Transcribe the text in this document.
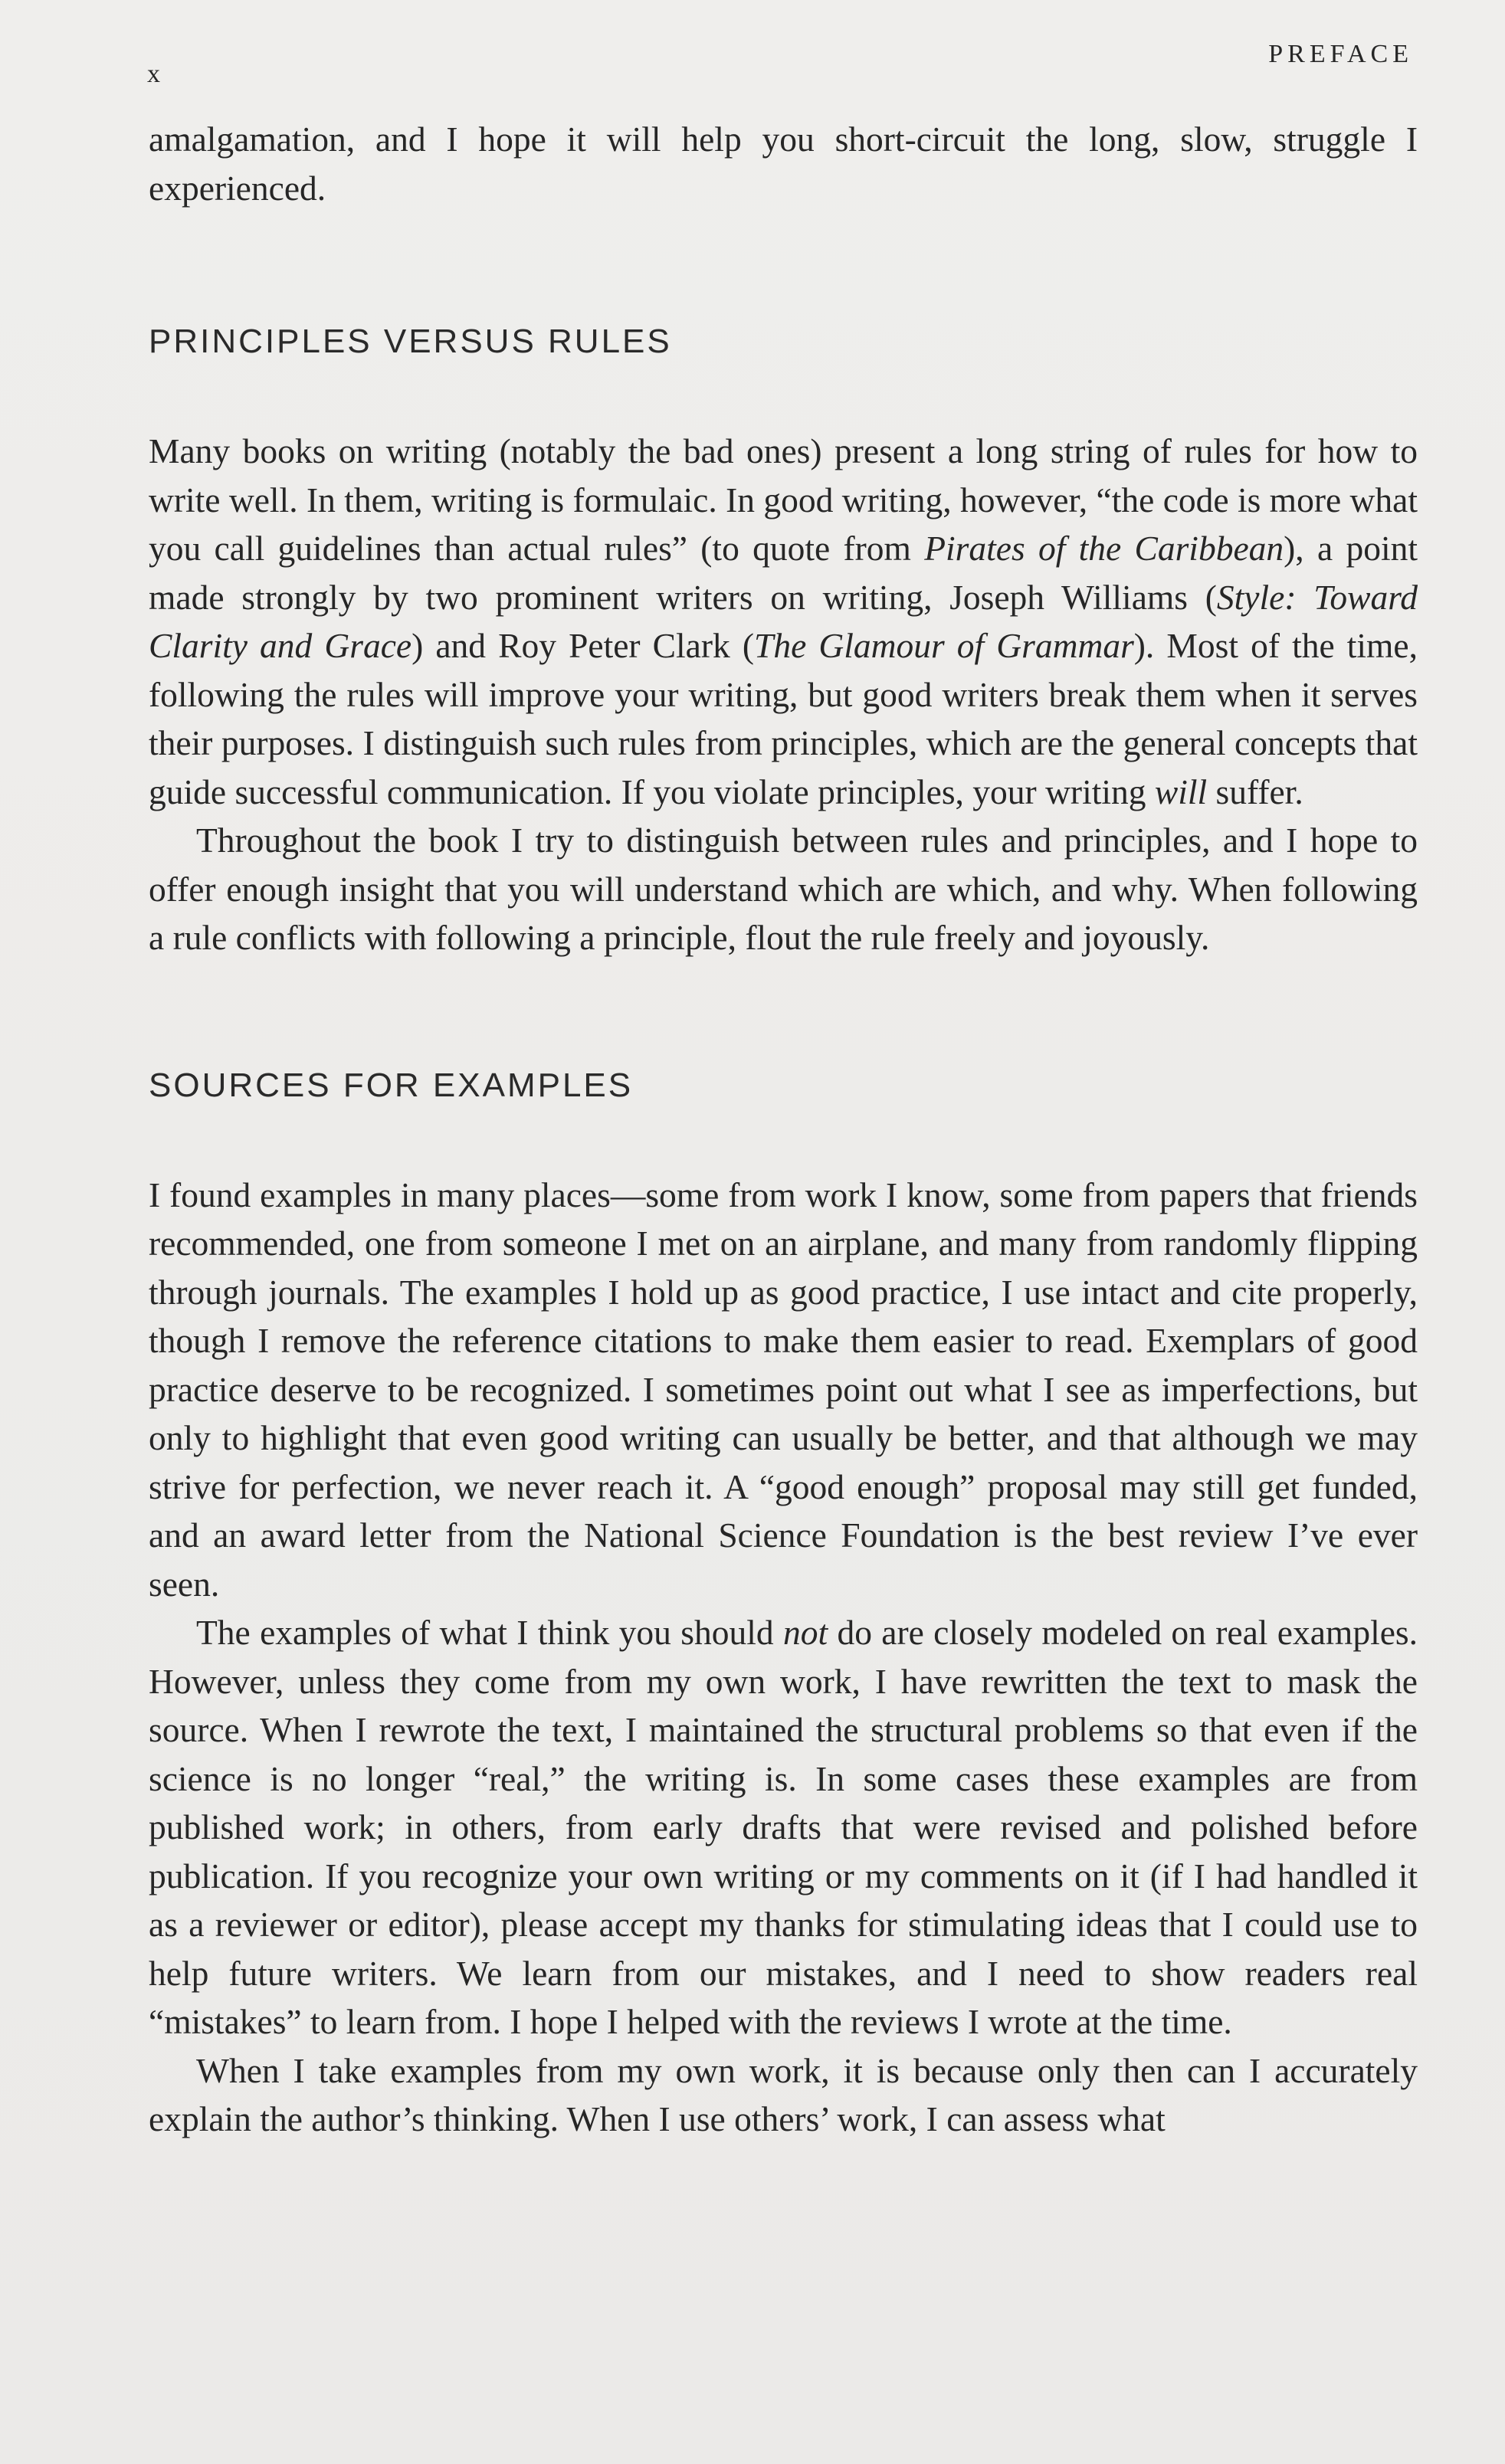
x
PREFACE

amalgamation, and I hope it will help you short-circuit the long, slow, struggle I experienced.

PRINCIPLES VERSUS RULES

Many books on writing (notably the bad ones) present a long string of rules for how to write well. In them, writing is formulaic. In good writing, however, “the code is more what you call guidelines than actual rules” (to quote from Pirates of the Caribbean), a point made strongly by two prominent writers on writing, Joseph Williams (Style: Toward Clarity and Grace) and Roy Peter Clark (The Glamour of Grammar). Most of the time, following the rules will improve your writing, but good writers break them when it serves their purposes. I distinguish such rules from principles, which are the general concepts that guide successful communication. If you violate principles, your writing will suffer.

Throughout the book I try to distinguish between rules and principles, and I hope to offer enough insight that you will understand which are which, and why. When following a rule conflicts with following a principle, flout the rule freely and joyously.

SOURCES FOR EXAMPLES

I found examples in many places—some from work I know, some from papers that friends recommended, one from someone I met on an airplane, and many from randomly flipping through journals. The examples I hold up as good practice, I use intact and cite properly, though I remove the reference citations to make them easier to read. Exemplars of good practice deserve to be recognized. I sometimes point out what I see as imperfections, but only to highlight that even good writing can usually be better, and that although we may strive for perfection, we never reach it. A “good enough” proposal may still get funded, and an award letter from the National Science Foundation is the best review I’ve ever seen.

The examples of what I think you should not do are closely modeled on real examples. However, unless they come from my own work, I have rewritten the text to mask the source. When I rewrote the text, I maintained the structural problems so that even if the science is no longer “real,” the writing is. In some cases these examples are from published work; in others, from early drafts that were revised and polished before publication. If you recognize your own writing or my comments on it (if I had handled it as a reviewer or editor), please accept my thanks for stimulating ideas that I could use to help future writers. We learn from our mistakes, and I need to show readers real “mistakes” to learn from. I hope I helped with the reviews I wrote at the time.

When I take examples from my own work, it is because only then can I accurately explain the author’s thinking. When I use others’ work, I can assess what
